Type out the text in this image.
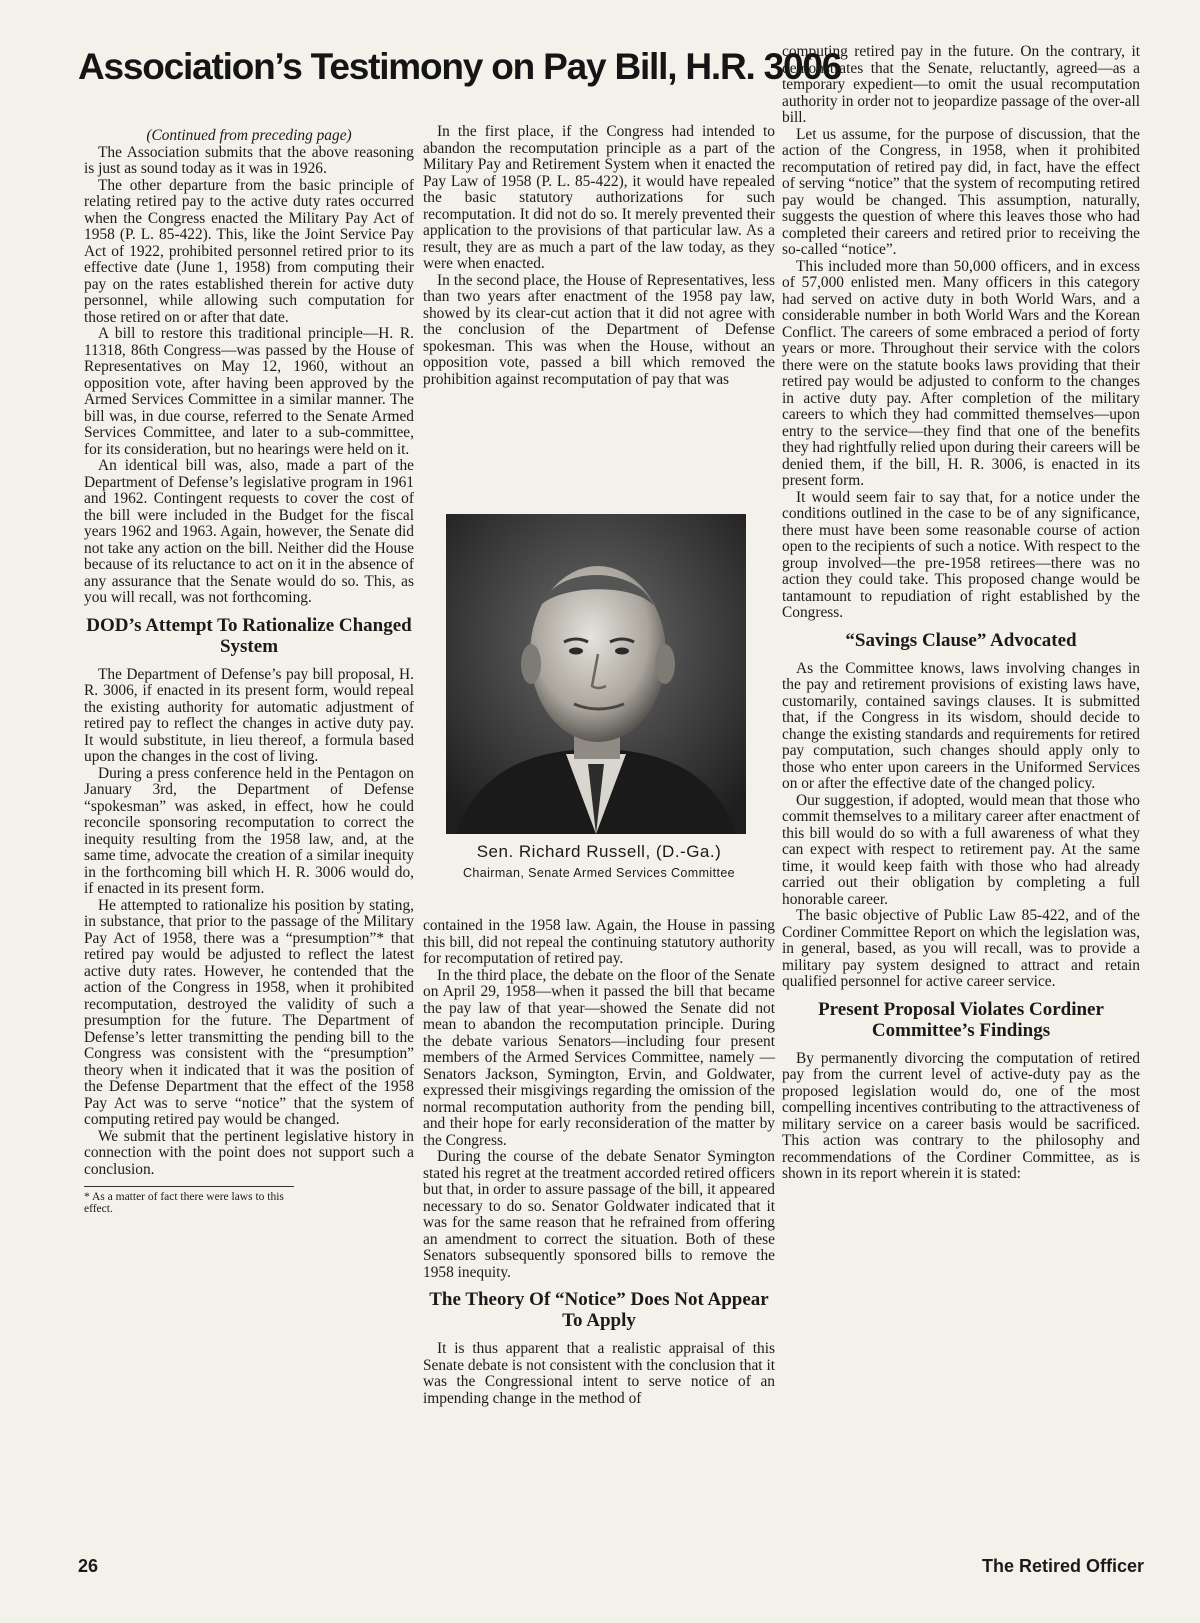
Association’s Testimony on Pay Bill, H.R. 3006

(Continued from preceding page)

The Association submits that the above reasoning is just as sound today as it was in 1926.

The other departure from the basic principle of relating retired pay to the active duty rates occurred when the Congress enacted the Military Pay Act of 1958 (P. L. 85-422). This, like the Joint Service Pay Act of 1922, prohibited personnel retired prior to its effective date (June 1, 1958) from computing their pay on the rates established therein for active duty personnel, while allowing such computation for those retired on or after that date.

A bill to restore this traditional principle—H. R. 11318, 86th Congress—was passed by the House of Representatives on May 12, 1960, without an opposition vote, after having been approved by the Armed Services Committee in a similar manner. The bill was, in due course, referred to the Senate Armed Services Committee, and later to a sub-committee, for its consideration, but no hearings were held on it.

An identical bill was, also, made a part of the Department of Defense’s legislative program in 1961 and 1962. Contingent requests to cover the cost of the bill were included in the Budget for the fiscal years 1962 and 1963. Again, however, the Senate did not take any action on the bill. Neither did the House because of its reluctance to act on it in the absence of any assurance that the Senate would do so. This, as you will recall, was not forthcoming.

DOD’s Attempt To Rationalize Changed System

The Department of Defense’s pay bill proposal, H. R. 3006, if enacted in its present form, would repeal the existing authority for automatic adjustment of retired pay to reflect the changes in active duty pay. It would substitute, in lieu thereof, a formula based upon the changes in the cost of living.

During a press conference held in the Pentagon on January 3rd, the Department of Defense “spokesman” was asked, in effect, how he could reconcile sponsoring recomputation to correct the inequity resulting from the 1958 law, and, at the same time, advocate the creation of a similar inequity in the forthcoming bill which H. R. 3006 would do, if enacted in its present form.

He attempted to rationalize his position by stating, in substance, that prior to the passage of the Military Pay Act of 1958, there was a “presumption”* that retired pay would be adjusted to reflect the latest active duty rates. However, he contended that the action of the Congress in 1958, when it prohibited recomputation, destroyed the validity of such a presumption for the future. The Department of Defense’s letter transmitting the pending bill to the Congress was consistent with the “presumption” theory when it indicated that it was the position of the Defense Department that the effect of the 1958 Pay Act was to serve “notice” that the system of computing retired pay would be changed.

We submit that the pertinent legislative history in connection with the point does not support such a conclusion.

* As a matter of fact there were laws to this
effect.

In the first place, if the Congress had intended to abandon the recomputation principle as a part of the Military Pay and Retirement System when it enacted the Pay Law of 1958 (P. L. 85-422), it would have repealed the basic statutory authorizations for such recomputation. It did not do so. It merely prevented their application to the provisions of that particular law. As a result, they are as much a part of the law today, as they were when enacted.

In the second place, the House of Representatives, less than two years after enactment of the 1958 pay law, showed by its clear-cut action that it did not agree with the conclusion of the Department of Defense spokesman. This was when the House, without an opposition vote, passed a bill which removed the prohibition against recomputation of pay that was

Sen. Richard Russell, (D.-Ga.)
Chairman, Senate Armed Services Committee

contained in the 1958 law. Again, the House in passing this bill, did not repeal the continuing statutory authority for recomputation of retired pay.

In the third place, the debate on the floor of the Senate on April 29, 1958—when it passed the bill that became the pay law of that year—showed the Senate did not mean to abandon the recomputation principle. During the debate various Senators—including four present members of the Armed Services Committee, namely —Senators Jackson, Symington, Ervin, and Goldwater, expressed their misgivings regarding the omission of the normal recomputation authority from the pending bill, and their hope for early reconsideration of the matter by the Congress.

During the course of the debate Senator Symington stated his regret at the treatment accorded retired officers but that, in order to assure passage of the bill, it appeared necessary to do so. Senator Goldwater indicated that it was for the same reason that he refrained from offering an amendment to correct the situation. Both of these Senators subsequently sponsored bills to remove the 1958 inequity.

The Theory Of “Notice” Does Not Appear To Apply

It is thus apparent that a realistic appraisal of this Senate debate is not consistent with the conclusion that it was the Congressional intent to serve notice of an impending change in the method of

computing retired pay in the future. On the contrary, it demonstrates that the Senate, reluctantly, agreed—as a temporary expedient—to omit the usual recomputation authority in order not to jeopardize passage of the over-all bill.

Let us assume, for the purpose of discussion, that the action of the Congress, in 1958, when it prohibited recomputation of retired pay did, in fact, have the effect of serving “notice” that the system of recomputing retired pay would be changed. This assumption, naturally, suggests the question of where this leaves those who had completed their careers and retired prior to receiving the so-called “notice”.

This included more than 50,000 officers, and in excess of 57,000 enlisted men. Many officers in this category had served on active duty in both World Wars, and a considerable number in both World Wars and the Korean Conflict. The careers of some embraced a period of forty years or more. Throughout their service with the colors there were on the statute books laws providing that their retired pay would be adjusted to conform to the changes in active duty pay. After completion of the military careers to which they had committed themselves—upon entry to the service—they find that one of the benefits they had rightfully relied upon during their careers will be denied them, if the bill, H. R. 3006, is enacted in its present form.

It would seem fair to say that, for a notice under the conditions outlined in the case to be of any significance, there must have been some reasonable course of action open to the recipients of such a notice. With respect to the group involved—the pre-1958 retirees—there was no action they could take. This proposed change would be tantamount to repudiation of right established by the Congress.

“Savings Clause” Advocated

As the Committee knows, laws involving changes in the pay and retirement provisions of existing laws have, customarily, contained savings clauses. It is submitted that, if the Congress in its wisdom, should decide to change the existing standards and requirements for retired pay computation, such changes should apply only to those who enter upon careers in the Uniformed Services on or after the effective date of the changed policy.

Our suggestion, if adopted, would mean that those who commit themselves to a military career after enactment of this bill would do so with a full awareness of what they can expect with respect to retirement pay. At the same time, it would keep faith with those who had already carried out their obligation by completing a full honorable career.

The basic objective of Public Law 85-422, and of the Cordiner Committee Report on which the legislation was, in general, based, as you will recall, was to provide a military pay system designed to attract and retain qualified personnel for active career service.

Present Proposal Violates Cordiner Committee’s Findings

By permanently divorcing the computation of retired pay from the current level of active-duty pay as the proposed legislation would do, one of the most compelling incentives contributing to the attractiveness of military service on a career basis would be sacrificed. This action was contrary to the philosophy and recommendations of the Cordiner Committee, as is shown in its report wherein it is stated:

26	The Retired Officer
